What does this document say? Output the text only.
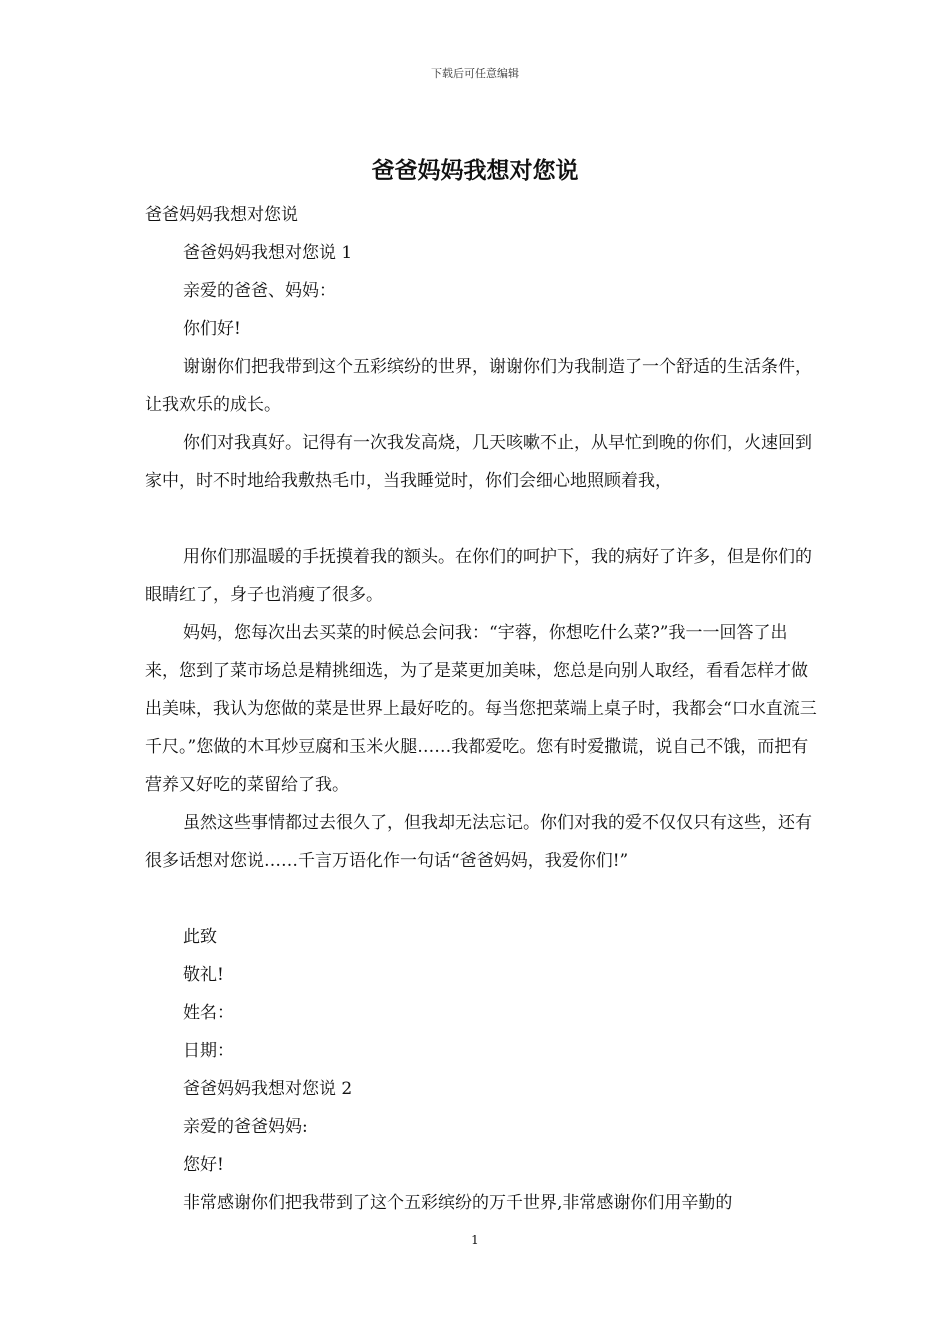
下载后可任意编辑
爸爸妈妈我想对您说

爸爸妈妈我想对您说

爸爸妈妈我想对您说 1

亲爱的爸爸、妈妈：

你们好!

谢谢你们把我带到这个五彩缤纷的世界，谢谢你们为我制造了一个舒适的生活条件，让我欢乐的成长。

你们对我真好。记得有一次我发高烧，几天咳嗽不止，从早忙到晚的你们，火速回到家中，时不时地给我敷热毛巾，当我睡觉时，你们会细心地照顾着我，

用你们那温暖的手抚摸着我的额头。在你们的呵护下，我的病好了许多，但是你们的眼睛红了，身子也消瘦了很多。

妈妈，您每次出去买菜的时候总会问我：“宇蓉，你想吃什么菜?”我一一回答了出来，您到了菜市场总是精挑细选，为了是菜更加美味，您总是向别人取经，看看怎样才做出美味，我认为您做的菜是世界上最好吃的。每当您把菜端上桌子时，我都会“口水直流三千尺。”您做的木耳炒豆腐和玉米火腿……我都爱吃。您有时爱撒谎，说自己不饿，而把有营养又好吃的菜留给了我。

虽然这些事情都过去很久了，但我却无法忘记。你们对我的爱不仅仅只有这些，还有很多话想对您说……千言万语化作一句话“爸爸妈妈，我爱你们!”

此致

敬礼!

姓名：

日期：

爸爸妈妈我想对您说 2

亲爱的爸爸妈妈:

您好!

非常感谢你们把我带到了这个五彩缤纷的万千世界,非常感谢你们用辛勤的

1
